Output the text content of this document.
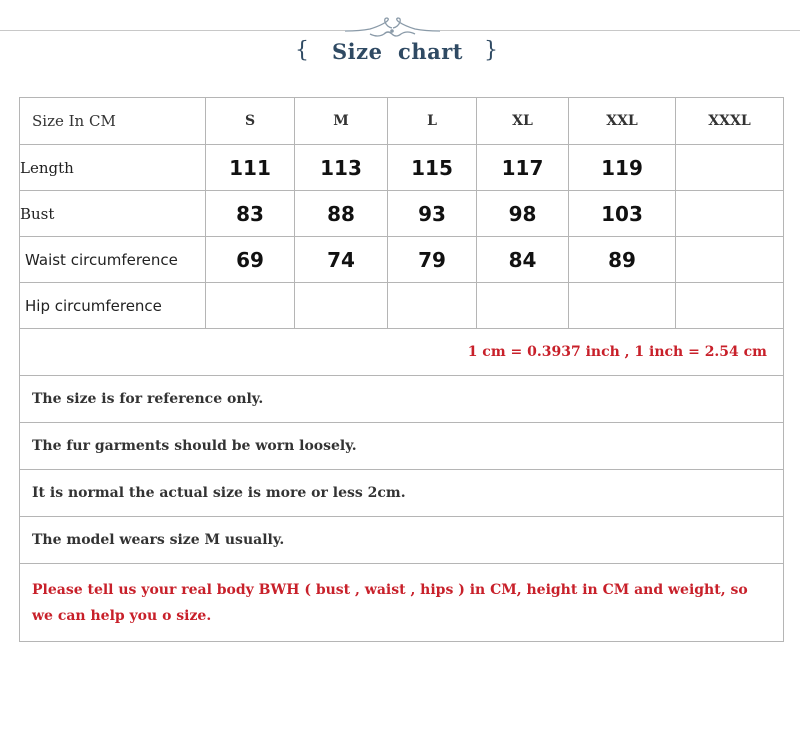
{ Size  chart }
Size In CM	S	M	L	XL	XXL	XXXL
Length	111	113	115	117	119	
Bust	83	88	93	98	103	
Waist circumference	69	74	79	84	89	
Hip circumference						
1 cm = 0.3937 inch , 1 inch = 2.54 cm						
The size is for reference only.						
The fur garments should be worn loosely.						
It is normal the actual size is more or less 2cm.						
The model wears size M usually.						
Please tell us your real body BWH ( bust , waist , hips ) in CM, height in CM and weight, so we can help you o size.						
